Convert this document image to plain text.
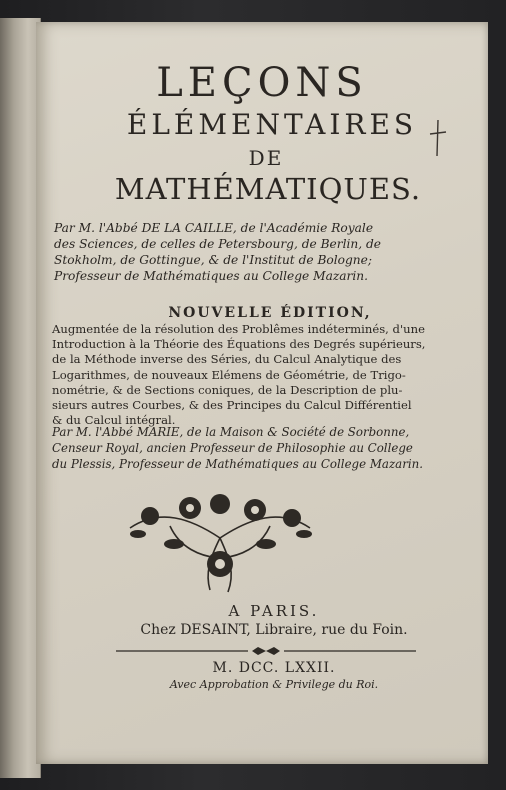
LEÇONS

ÉLÉMENTAIRES

DE

MATHÉMATIQUES.

Par M. l'Abbé DE LA CAILLE, de l'Académie Royale

des Sciences, de celles de Petersbourg, de Berlin, de

Stokholm, de Gottingue, & de l'Institut de Bologne;

Professeur de Mathématiques au College Mazarin.

NOUVELLE ÉDITION,

Augmentée de la résolution des Problêmes indéterminés, d'une

Introduction à la Théorie des Équations des Degrés supérieurs,

de la Méthode inverse des Séries, du Calcul Analytique des

Logarithmes, de nouveaux Elémens de Géométrie, de Trigo-

nométrie, & de Sections coniques, de la Description de plu-

sieurs autres Courbes, & des Principes du Calcul Différentiel

& du Calcul intégral.

Par M. l'Abbé MARIE, de la Maison & Société de Sorbonne,

Censeur Royal, ancien Professeur de Philosophie au College

du Plessis, Professeur de Mathématiques au College Mazarin.

A PARIS.

Chez DESAINT, Libraire, rue du Foin.

M. DCC. LXXII.

Avec Approbation & Privilege du Roi.
